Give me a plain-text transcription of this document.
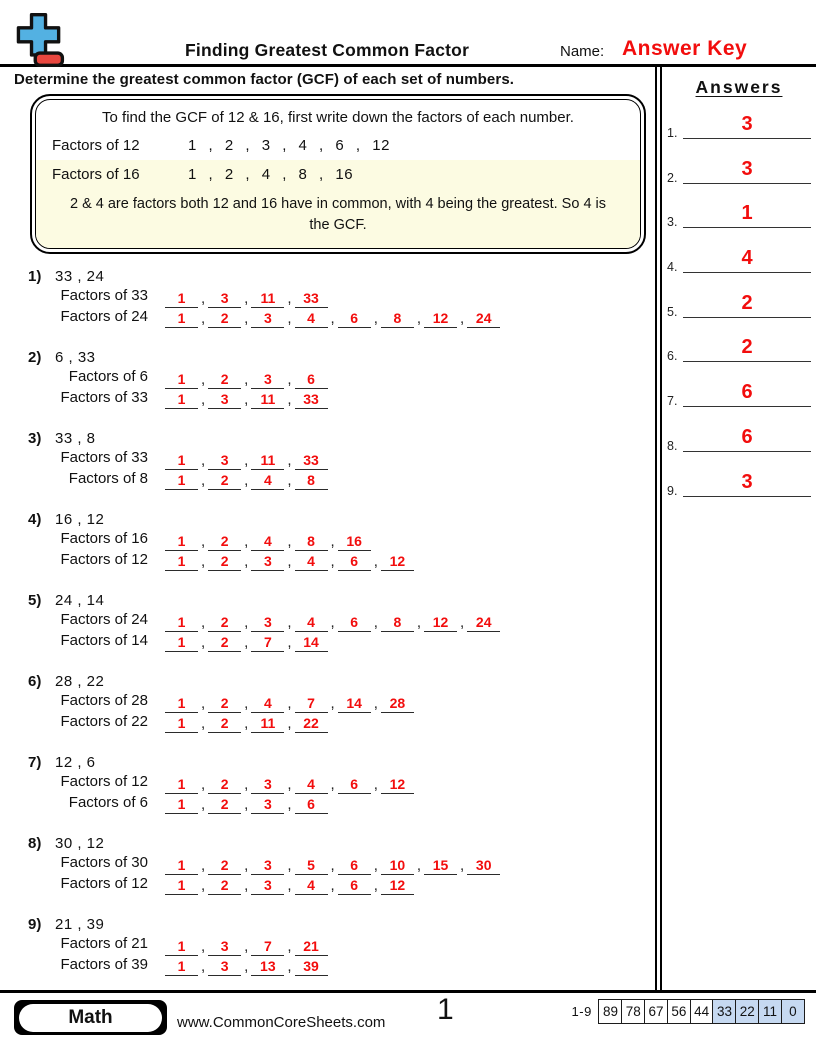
Finding Greatest Common Factor	Name: Answer Key
Determine the greatest common factor (GCF) of each set of numbers.
To find the GCF of 12 & 16, first write down the factors of each number.
Factors of 12	1 , 2 , 3 , 4 , 6 , 12
Factors of 16	1 , 2 , 4 , 8 , 16
2 & 4 are factors both 12 and 16 have in common, with 4 being the greatest. So 4 is the GCF.
1) 33 , 24
Factors of 33	1	,	3	, 11 , 33
Factors of 24	1	,	2	,	3	,	4	,	6	,	8	, 12 , 24
2) 6 , 33
Factors of 6	1	,	2	,	3	,	6
Factors of 33	1	,	3	, 11 , 33
3) 33 , 8
Factors of 33	1	,	3	, 11 , 33
Factors of 8	1	,	2	,	4	,	8
4) 16 , 12
Factors of 16	1	,	2	,	4	,	8	, 16
Factors of 12	1	,	2	,	3	,	4	,	6	, 12
5) 24 , 14
Factors of 24	1	,	2	,	3	,	4	,	6	,	8	, 12 , 24
Factors of 14	1	,	2	,	7	, 14
6) 28 , 22
Factors of 28	1	,	2	,	4	,	7	, 14 , 28
Factors of 22	1	,	2	, 11 , 22
7) 12 , 6
Factors of 12	1	,	2	,	3	,	4	,	6	, 12
Factors of 6	1	,	2	,	3	,	6
8) 30 , 12
Factors of 30	1	,	2	,	3	,	5	,	6	, 10 , 15 , 30
Factors of 12	1	,	2	,	3	,	4	,	6	, 12
9) 21 , 39
Factors of 21	1	,	3	,	7	, 21
Factors of 39	1	,	3	, 13 , 39
Answers
1.	3
2.	3
3.	1
4.	4
5.	2
6.	2
7.	6
8.	6
9.	3
Math	www.CommonCoreSheets.com 1	1-9 89 78 67 56 44 33 22 11 0
